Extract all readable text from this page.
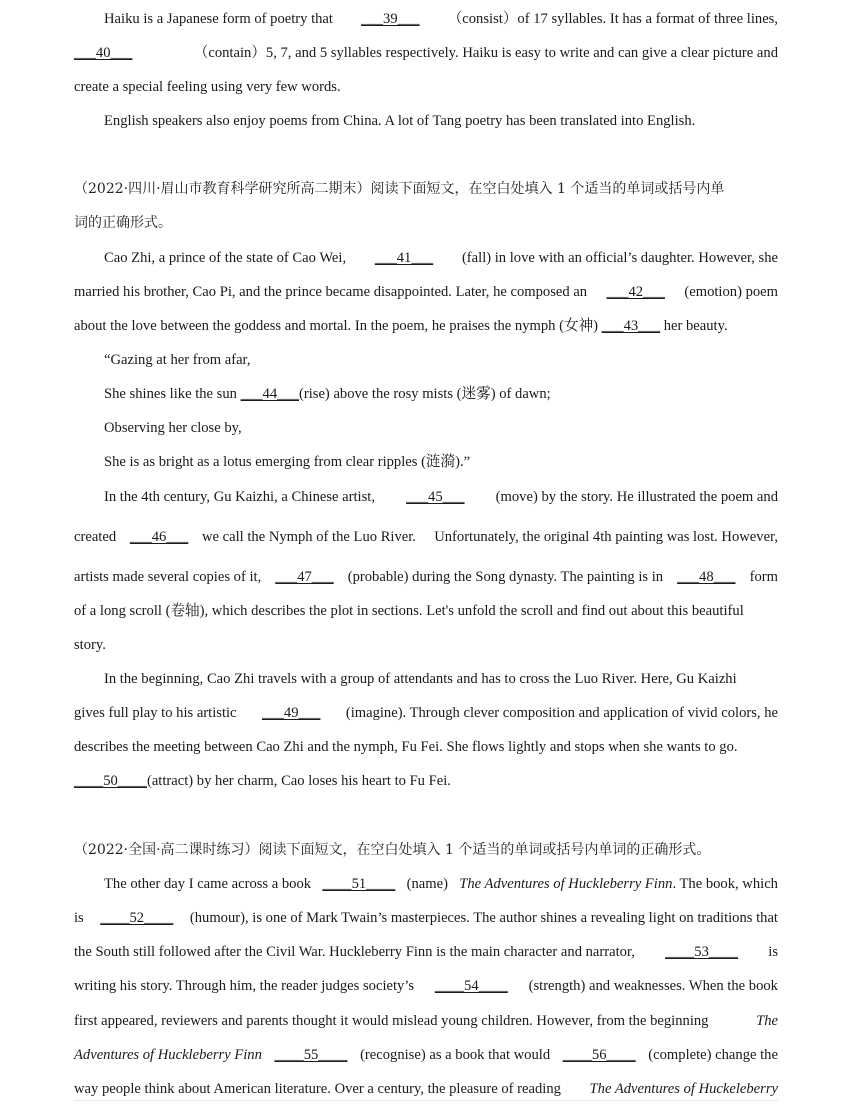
Haiku is a Japanese form of poetry that ___39___ （consist）of 17 syllables. It has a format of three lines,
___40___	（contain）5, 7, and 5 syllables respectively. Haiku is easy to write and can give a clear picture and
create a special feeling using very few words.
English speakers also enjoy poems from China. A lot of Tang poetry has been translated into English.
（2022·四川·眉山市教育科学研究所高二期末）阅读下面短文，在空白处填入 1 个适当的单词或括号内单
词的正确形式。
Cao Zhi, a prince of the state of Cao Wei, ___41___ (fall) in love with an official’s daughter. However, she
married his brother, Cao Pi, and the prince became disappointed. Later, he composed an ___42___ (emotion) poem
about the love between the goddess and mortal. In the poem, he praises the nymph (女神)
___43___
her beauty.
“Gazing at her from afar,
She shines like the sun
___44___ (rise) above the rosy mists (迷雾) of dawn;
Observing her close by,
She is as bright as a lotus emerging from clear ripples (涟漪).”
In the 4th century, Gu Kaizhi, a Chinese artist, ___45___ (move) by the story. He illustrated the poem and
created ___46___ we call the Nymph of the Luo River.     Unfortunately, the original 4th painting was lost. However,
artists made several copies of it, ___47___ (probable) during the Song dynasty. The painting is in ___48___ form
of a long scroll (卷轴), which describes the plot in sections. Let's unfold the scroll and find out about this beautiful
story.
In the beginning, Cao Zhi travels with a group of attendants and has to cross the Luo River. Here, Gu Kaizhi
gives full play to his artistic ___49___ (imagine). Through clever composition and application of vivid colors, he
describes the meeting between Cao Zhi and the nymph, Fu Fei. She flows lightly and stops when she wants to go.
____50____ (attract) by her charm, Cao loses his heart to Fu Fei.
（2022·全国·高二课时练习）阅读下面短文，在空白处填入 1 个适当的单词或括号内单词的正确形式。
The other day I came across a book ____51____ (name) The Adventures of Huckleberry Finn. The book, which
is ____52____ (humour), is one of Mark Twain’s masterpieces. The author shines a revealing light on traditions that
the South still followed after the Civil War. Huckleberry Finn is the main character and narrator, ____53____ is
writing his story. Through him, the reader judges society’s ____54____ (strength) and weaknesses. When the book
first appeared, reviewers and parents thought it would mislead young children. However, from the beginning	The
Adventures of Huckleberry Finn ____55____ (recognise) as a book that would ____56____ (complete) change the
way people think about American literature. Over a century, the pleasure of reading The Adventures of Huckeleberry
